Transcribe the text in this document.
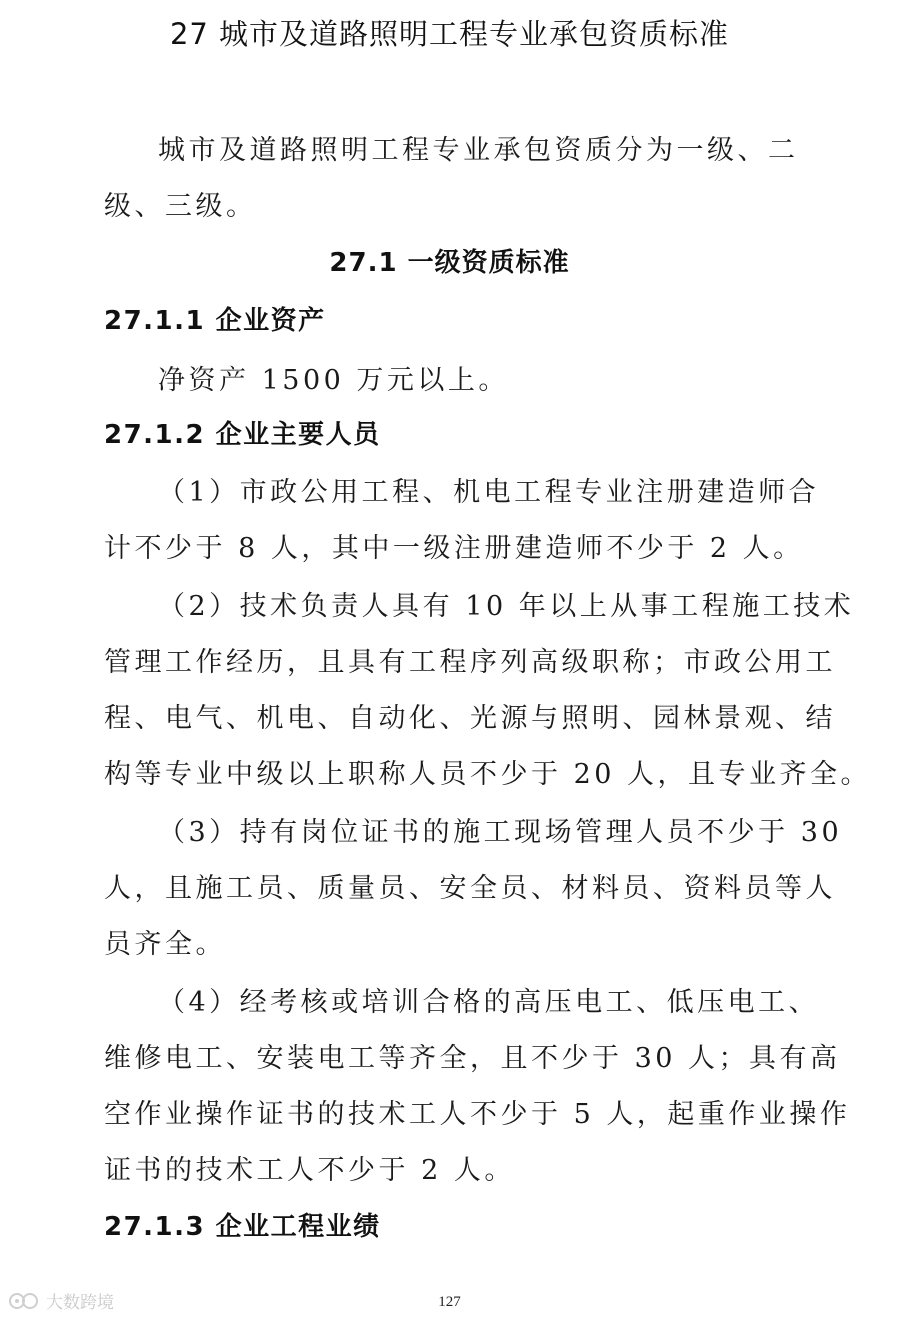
27 城市及道路照明工程专业承包资质标准
城市及道路照明工程专业承包资质分为一级、二
级、三级。
27.1 一级资质标准
27.1.1 企业资产
净资产 1500 万元以上。
27.1.2 企业主要人员
（1）市政公用工程、机电工程专业注册建造师合
计不少于 8 人，其中一级注册建造师不少于 2 人。
（2）技术负责人具有 10 年以上从事工程施工技术
管理工作经历，且具有工程序列高级职称；市政公用工
程、电气、机电、自动化、光源与照明、园林景观、结
构等专业中级以上职称人员不少于 20 人，且专业齐全。
（3）持有岗位证书的施工现场管理人员不少于 30
人，且施工员、质量员、安全员、材料员、资料员等人
员齐全。
（4）经考核或培训合格的高压电工、低压电工、
维修电工、安装电工等齐全，且不少于 30 人；具有高
空作业操作证书的技术工人不少于 5 人，起重作业操作
证书的技术工人不少于 2 人。
27.1.3 企业工程业绩
127
大数跨境
